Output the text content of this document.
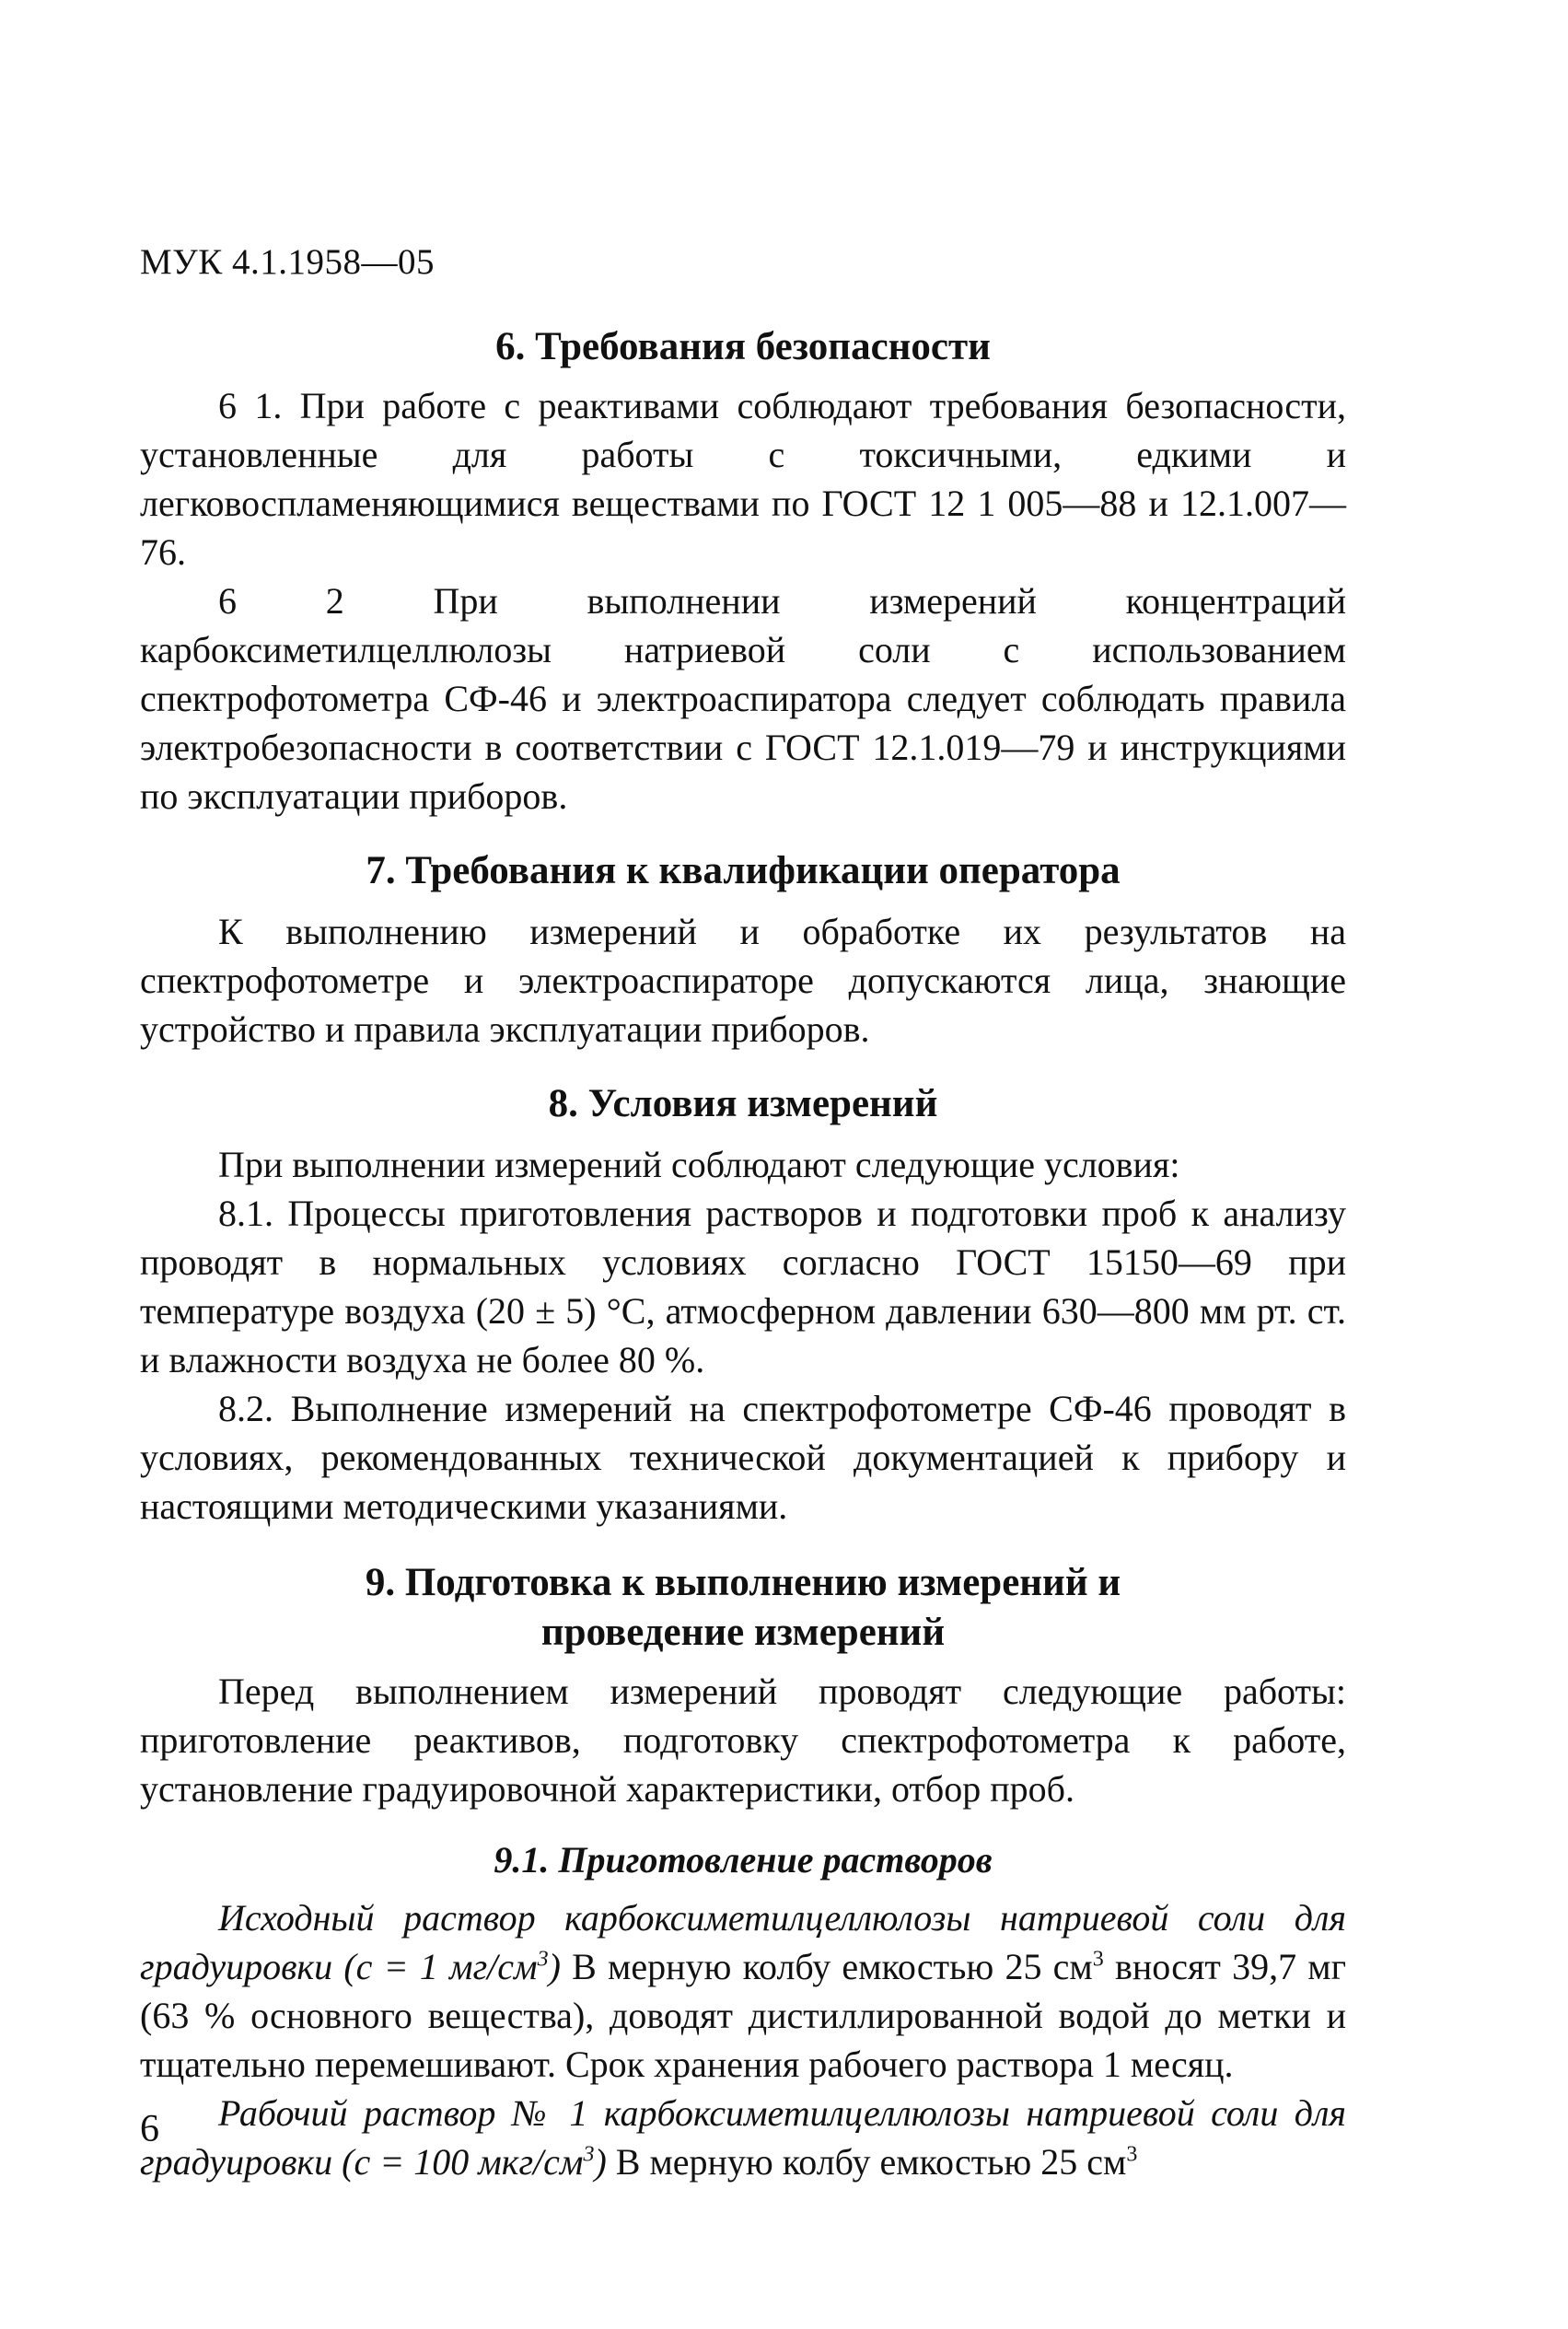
МУК 4.1.1958—05
6. Требования безопасности

6 1. При работе с реактивами соблюдают требования безопасности, установленные для работы с токсичными, едкими и легковоспламеняющимися веществами по ГОСТ 12 1 005—88 и 12.1.007—76.

6 2 При выполнении измерений концентраций карбоксиметилцеллюлозы натриевой соли с использованием спектрофотометра СФ-46 и электроаспиратора следует соблюдать правила электробезопасности в соответствии с ГОСТ 12.1.019—79 и инструкциями по эксплуатации приборов.

7. Требования к квалификации оператора

К выполнению измерений и обработке их результатов на спектрофотометре и электроаспираторе допускаются лица, знающие устройство и правила эксплуатации приборов.

8. Условия измерений

При выполнении измерений соблюдают следующие условия:

8.1. Процессы приготовления растворов и подготовки проб к анализу проводят в нормальных условиях согласно ГОСТ 15150—69 при температуре воздуха (20 ± 5) °С, атмосферном давлении 630—800 мм рт. ст. и влажности воздуха не более 80 %.

8.2. Выполнение измерений на спектрофотометре СФ-46 проводят в условиях, рекомендованных технической документацией к прибору и настоящими методическими указаниями.

9. Подготовка к выполнению измерений и
проведение измерений

Перед выполнением измерений проводят следующие работы: приготовление реактивов, подготовку спектрофотометра к работе, установление градуировочной характеристики, отбор проб.

9.1. Приготовление растворов

Исходный раствор карбоксиметилцеллюлозы натриевой соли для градуировки (с = 1 $мг/см^3$) В мерную колбу емкостью 25 $см^3$ вносят 39,7 мг (63 % основного вещества), доводят дистиллированной водой до метки и тщательно перемешивают. Срок хранения рабочего раствора 1 месяц.

Рабочий раствор № 1 карбоксиметилцеллюлозы натриевой соли для градуировки (с = 100 мкг/$см^3$) В мерную колбу емкостью 25 $см^3$

6
